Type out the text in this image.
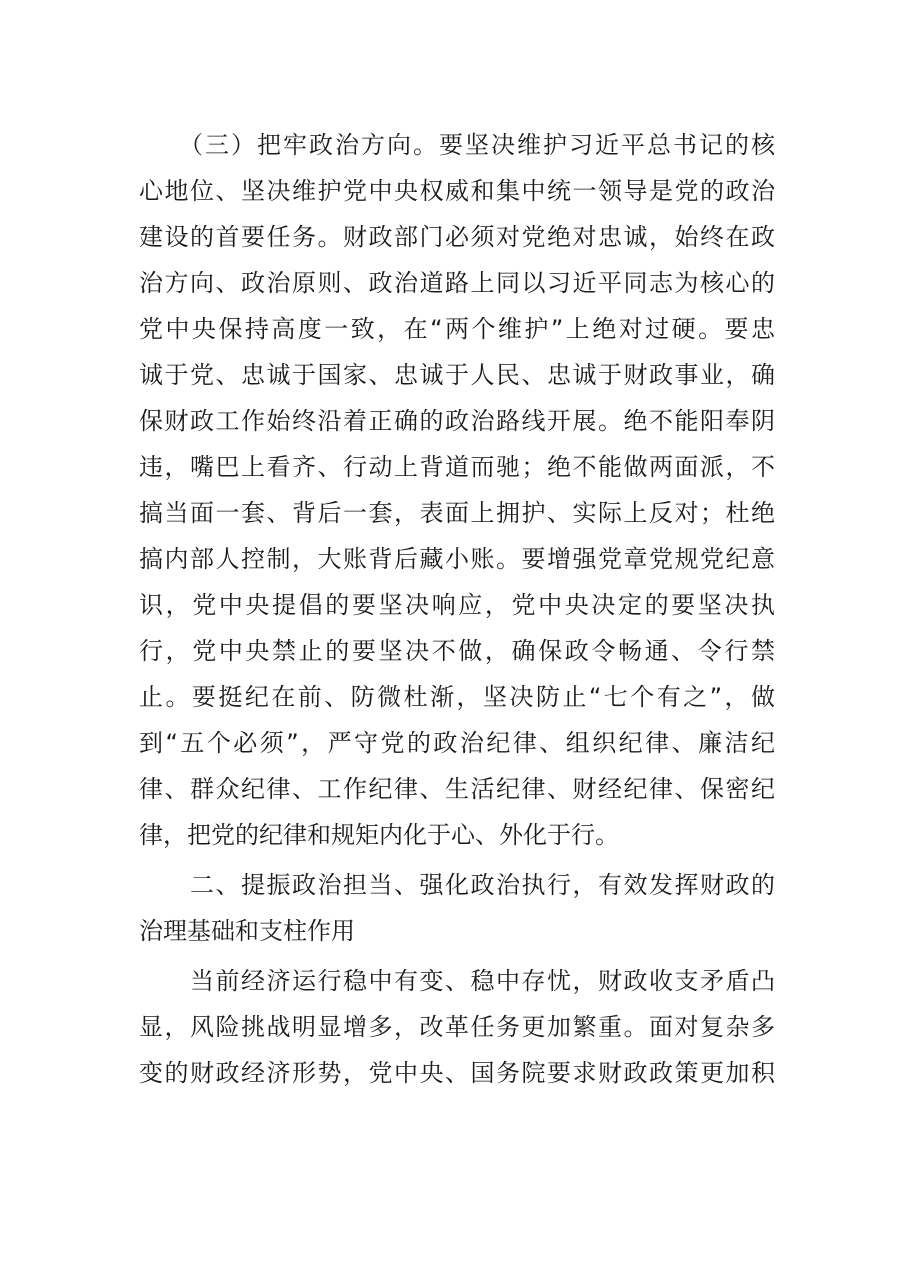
　　（三）把牢政治方向。要坚决维护习近平总书记的核
心地位、坚决维护党中央权威和集中统一领导是党的政治
建设的首要任务。财政部门必须对党绝对忠诚，始终在政
治方向、政治原则、政治道路上同以习近平同志为核心的
党中央保持高度一致，在“两个维护”上绝对过硬。要忠
诚于党、忠诚于国家、忠诚于人民、忠诚于财政事业，确
保财政工作始终沿着正确的政治路线开展。绝不能阳奉阴
违，嘴巴上看齐、行动上背道而驰；绝不能做两面派，不
搞当面一套、背后一套，表面上拥护、实际上反对；杜绝
搞内部人控制，大账背后藏小账。要增强党章党规党纪意
识，党中央提倡的要坚决响应，党中央决定的要坚决执
行，党中央禁止的要坚决不做，确保政令畅通、令行禁
止。要挺纪在前、防微杜渐，坚决防止“七个有之”，做
到“五个必须”，严守党的政治纪律、组织纪律、廉洁纪
律、群众纪律、工作纪律、生活纪律、财经纪律、保密纪
律，把党的纪律和规矩内化于心、外化于行。
　　二、提振政治担当、强化政治执行，有效发挥财政的
治理基础和支柱作用
　　当前经济运行稳中有变、稳中存忧，财政收支矛盾凸
显，风险挑战明显增多，改革任务更加繁重。面对复杂多
变的财政经济形势，党中央、国务院要求财政政策更加积
